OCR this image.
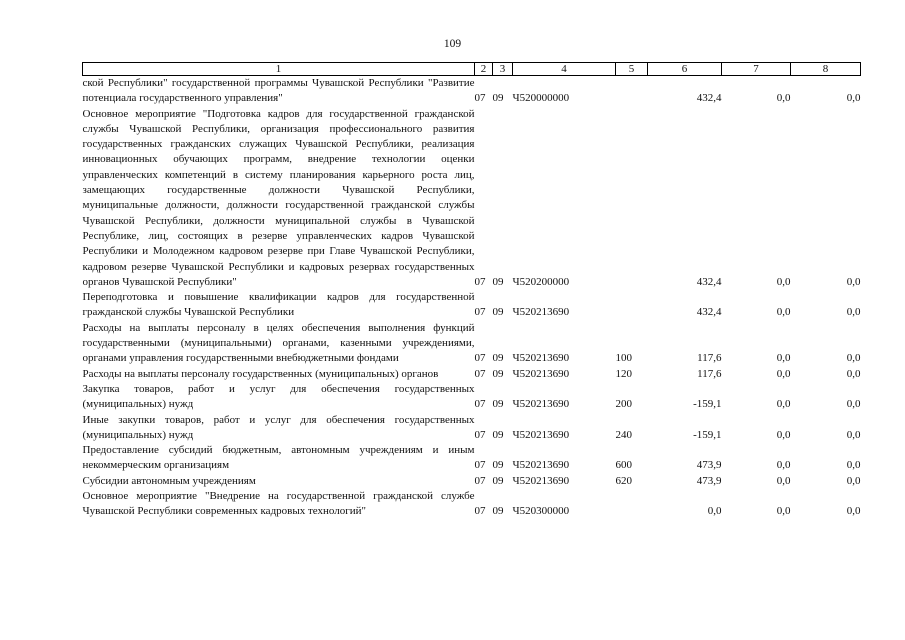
109
1	2	3	4	5	6	7	8
ской Республики" государственной программы Чувашской Республики "Развитие потенциала государственного управления"	07	09	Ч520000000		432,4	0,0	0,0
Основное мероприятие "Подготовка кадров для государственной гражданской службы Чувашской Республики, организация профессионального развития государственных гражданских служащих Чувашской Республики, реализация инновационных обучающих программ, внедрение технологии оценки управленческих компетенций в систему планирования карьерного роста лиц, замещающих государственные должности Чувашской Республики, муниципальные должности, должности государственной гражданской службы Чувашской Республики, должности муниципальной службы в Чувашской Республике, лиц, состоящих в резерве управленческих кадров Чувашской Республики и Молодежном кадровом резерве при Главе Чувашской Республики, кадровом резерве Чувашской Республики и кадровых резервах государственных органов Чувашской Республики"	07	09	Ч520200000		432,4	0,0	0,0
Переподготовка и повышение квалификации кадров для государственной гражданской службы Чувашской Республики	07	09	Ч520213690		432,4	0,0	0,0
Расходы на выплаты персоналу в целях обеспечения выполнения функций государственными (муниципальными) органами, казенными учреждениями, органами управления государственными внебюджетными фондами	07	09	Ч520213690	100	117,6	0,0	0,0
Расходы на выплаты персоналу государственных (муниципальных) органов	07	09	Ч520213690	120	117,6	0,0	0,0
Закупка товаров, работ и услуг для обеспечения государственных (муниципальных) нужд	07	09	Ч520213690	200	-159,1	0,0	0,0
Иные закупки товаров, работ и услуг для обеспечения государственных (муниципальных) нужд	07	09	Ч520213690	240	-159,1	0,0	0,0
Предоставление субсидий бюджетным, автономным учреждениям и иным некоммерческим организациям	07	09	Ч520213690	600	473,9	0,0	0,0
Субсидии автономным учреждениям	07	09	Ч520213690	620	473,9	0,0	0,0
Основное мероприятие "Внедрение на государственной гражданской службе Чувашской Республики современных кадровых технологий"	07	09	Ч520300000		0,0	0,0	0,0
